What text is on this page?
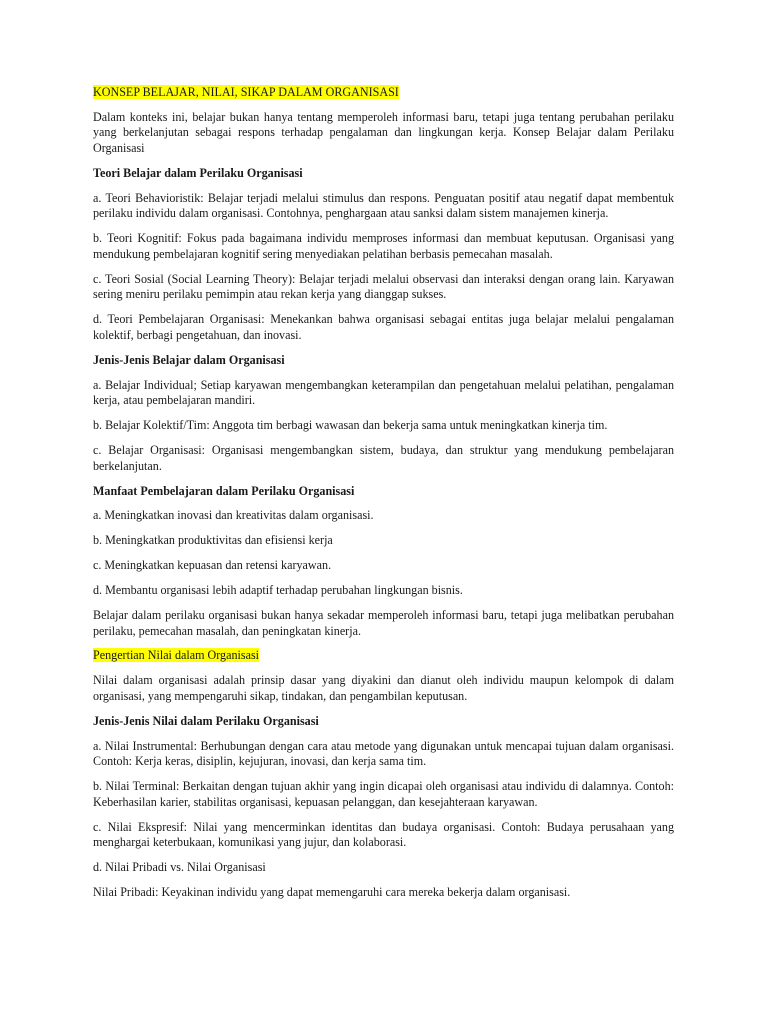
KONSEP BELAJAR, NILAI, SIKAP DALAM ORGANISASI

Dalam konteks ini, belajar bukan hanya tentang memperoleh informasi baru, tetapi juga tentang perubahan perilaku yang berkelanjutan sebagai respons terhadap pengalaman dan lingkungan kerja. Konsep Belajar dalam Perilaku Organisasi

Teori Belajar dalam Perilaku Organisasi

a. Teori Behavioristik: Belajar terjadi melalui stimulus dan respons. Penguatan positif atau negatif dapat membentuk perilaku individu dalam organisasi. Contohnya, penghargaan atau sanksi dalam sistem manajemen kinerja.

b. Teori Kognitif: Fokus pada bagaimana individu memproses informasi dan membuat keputusan. Organisasi yang mendukung pembelajaran kognitif sering menyediakan pelatihan berbasis pemecahan masalah.

c. Teori Sosial (Social Learning Theory): Belajar terjadi melalui observasi dan interaksi dengan orang lain. Karyawan sering meniru perilaku pemimpin atau rekan kerja yang dianggap sukses.

d. Teori Pembelajaran Organisasi: Menekankan bahwa organisasi sebagai entitas juga belajar melalui pengalaman kolektif, berbagi pengetahuan, dan inovasi.

Jenis-Jenis Belajar dalam Organisasi

a. Belajar Individual; Setiap karyawan mengembangkan keterampilan dan pengetahuan melalui pelatihan, pengalaman kerja, atau pembelajaran mandiri.

b. Belajar Kolektif/Tim: Anggota tim berbagi wawasan dan bekerja sama untuk meningkatkan kinerja tim.

c. Belajar Organisasi: Organisasi mengembangkan sistem, budaya, dan struktur yang mendukung pembelajaran berkelanjutan.

Manfaat Pembelajaran dalam Perilaku Organisasi

a. Meningkatkan inovasi dan kreativitas dalam organisasi.

b. Meningkatkan produktivitas dan efisiensi kerja

c. Meningkatkan kepuasan dan retensi karyawan.

d. Membantu organisasi lebih adaptif terhadap perubahan lingkungan bisnis.

Belajar dalam perilaku organisasi bukan hanya sekadar memperoleh informasi baru, tetapi juga melibatkan perubahan perilaku, pemecahan masalah, dan peningkatan kinerja.

Pengertian Nilai dalam Organisasi

Nilai dalam organisasi adalah prinsip dasar yang diyakini dan dianut oleh individu maupun kelompok di dalam organisasi, yang mempengaruhi sikap, tindakan, dan pengambilan keputusan.

Jenis-Jenis Nilai dalam Perilaku Organisasi

a. Nilai Instrumental: Berhubungan dengan cara atau metode yang digunakan untuk mencapai tujuan dalam organisasi. Contoh: Kerja keras, disiplin, kejujuran, inovasi, dan kerja sama tim.

b. Nilai Terminal: Berkaitan dengan tujuan akhir yang ingin dicapai oleh organisasi atau individu di dalamnya. Contoh: Keberhasilan karier, stabilitas organisasi, kepuasan pelanggan, dan kesejahteraan karyawan.

c. Nilai Ekspresif: Nilai yang mencerminkan identitas dan budaya organisasi. Contoh: Budaya perusahaan yang menghargai keterbukaan, komunikasi yang jujur, dan kolaborasi.

d. Nilai Pribadi vs. Nilai Organisasi

Nilai Pribadi: Keyakinan individu yang dapat memengaruhi cara mereka bekerja dalam organisasi.
